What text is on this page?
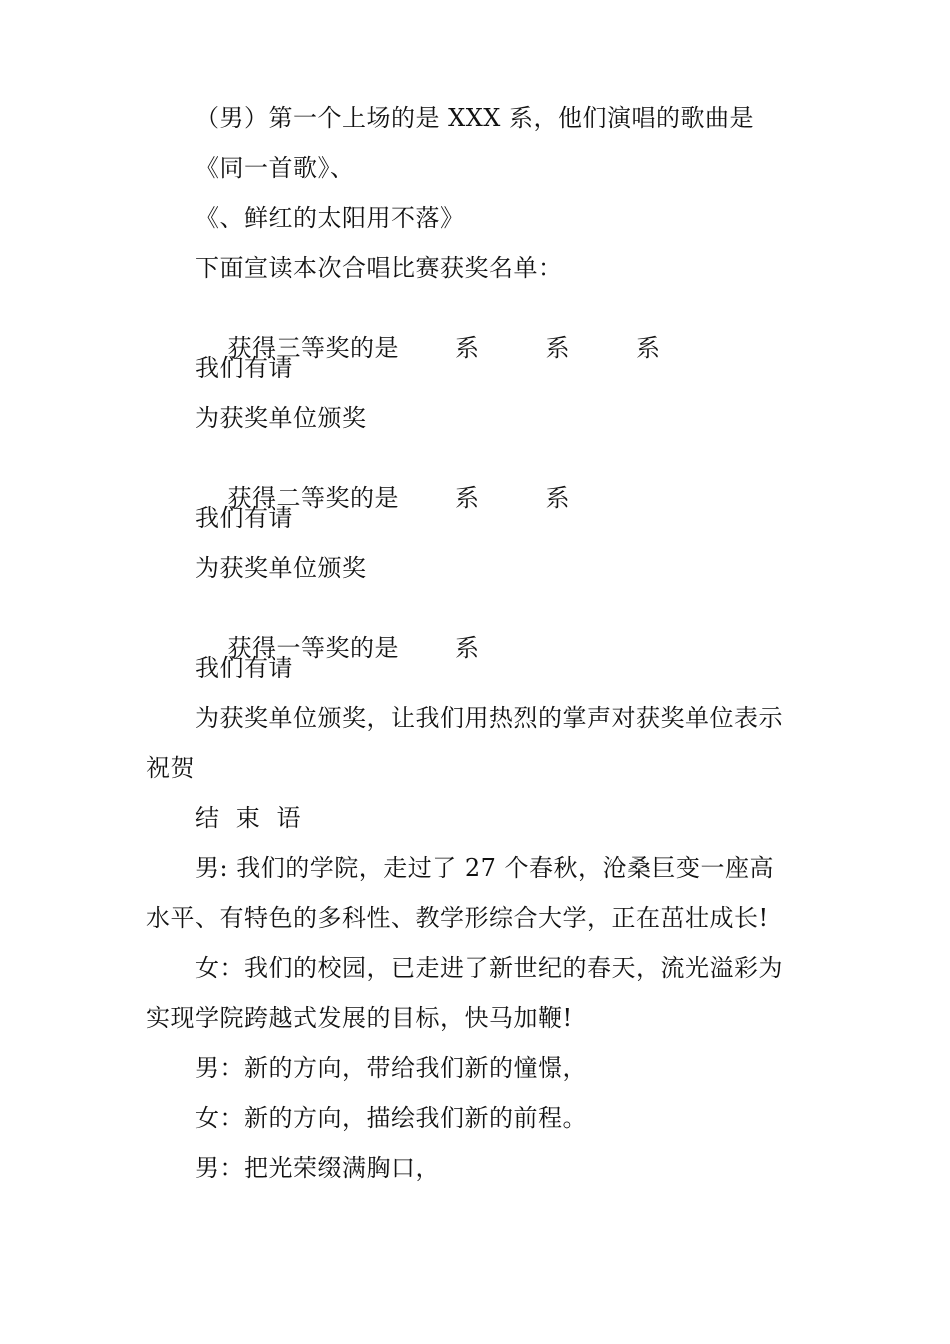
（男）第一个上场的是 XXX 系，他们演唱的歌曲是
《同一首歌》、
《、鲜红的太阳用不落》
下面宣读本次合唱比赛获奖名单：

获得三等奖的是 系	系	系

我们有请
为获奖单位颁奖

获得二等奖的是 系	系

我们有请
为获奖单位颁奖

获得一等奖的是 系

我们有请
为获奖单位颁奖，让我们用热烈的掌声对获奖单位表示
祝贺
结  束  语
男: 我们的学院，走过了 27 个春秋，沧桑巨变一座高
水平、有特色的多科性、教学形综合大学，正在茁壮成长!
女：我们的校园，已走进了新世纪的春天，流光溢彩为
实现学院跨越式发展的目标，快马加鞭!
男：新的方向，带给我们新的憧憬，
女：新的方向，描绘我们新的前程。
男：把光荣缀满胸口，
